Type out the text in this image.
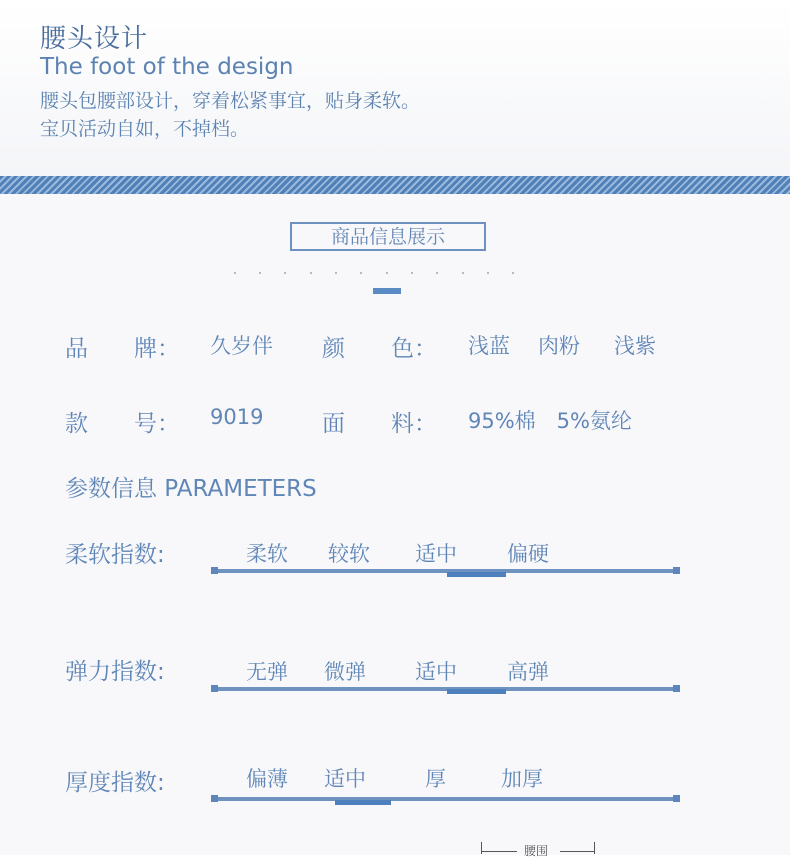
腰头设计
The foot of the design
腰头包腰部设计，穿着松紧事宜，贴身柔软。
宝贝活动自如，不掉档。
商品信息展示
品　　牌： 久岁伴 颜　　色： 浅蓝 肉粉 浅紫
款　　号： 9019	面　　料： 95%棉　5%氨纶
参数信息 PARAMETERS
柔软指数:	柔软 较软 适中 偏硬
弹力指数:	无弹 微弹 适中 高弹
厚度指数:	偏薄 适中	厚	加厚
腰围
